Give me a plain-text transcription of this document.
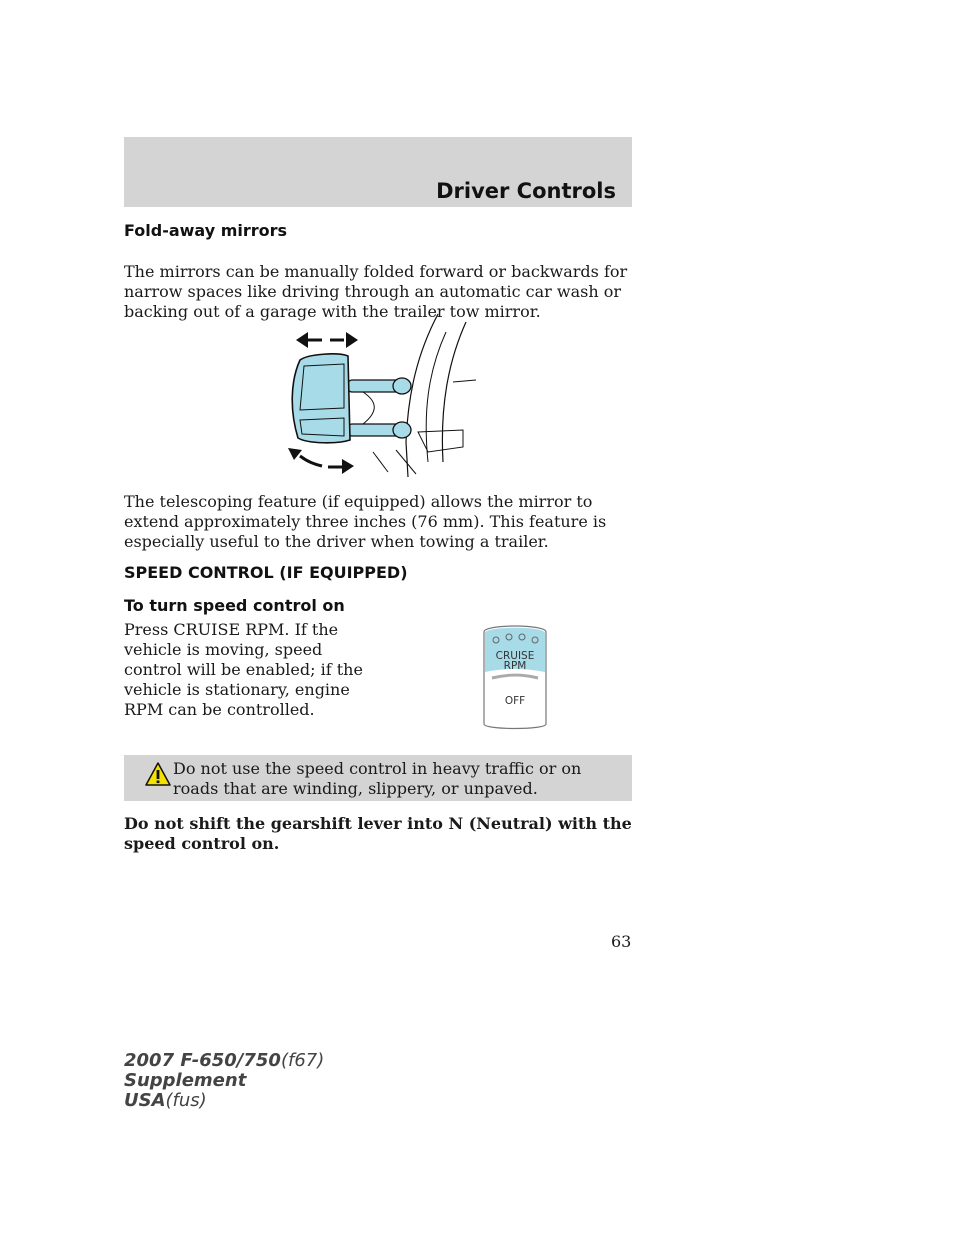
Driver Controls
Fold-away mirrors
The mirrors can be manually folded forward or backwards for narrow spaces like driving through an automatic car wash or backing out of a garage with the trailer tow mirror.
The telescoping feature (if equipped) allows the mirror to extend approximately three inches (76 mm). This feature is especially useful to the driver when towing a trailer.
SPEED CONTROL (IF EQUIPPED)
To turn speed control on
Press CRUISE RPM. If the vehicle is moving, speed control will be enabled; if the vehicle is stationary, engine RPM can be controlled.
CRUISE
RPM
OFF
Do not use the speed control in heavy traffic or on roads that are winding, slippery, or unpaved.
Do not shift the gearshift lever into N (Neutral) with the speed control on.
63
2007 F-650/750(f67)
Supplement
USA(fus)
